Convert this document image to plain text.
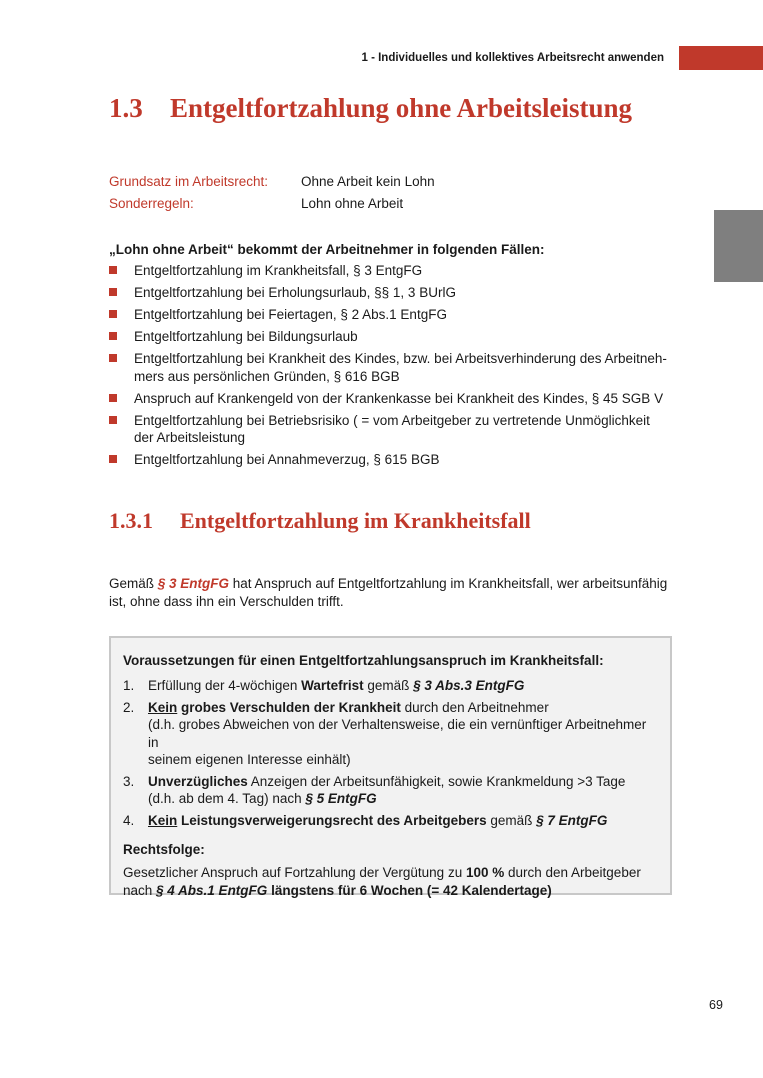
1 - Individuelles und kollektives Arbeitsrecht anwenden
1.3 Entgeltfortzahlung ohne Arbeitsleistung
Grundsatz im Arbeitsrecht:	Ohne Arbeit kein Lohn
Sonderregeln:	Lohn ohne Arbeit
„Lohn ohne Arbeit“ bekommt der Arbeitnehmer in folgenden Fällen:
Entgeltfortzahlung im Krankheitsfall, § 3 EntgFG
Entgeltfortzahlung bei Erholungsurlaub, §§ 1, 3 BUrlG
Entgeltfortzahlung bei Feiertagen, § 2 Abs.1 EntgFG
Entgeltfortzahlung bei Bildungsurlaub
Entgeltfortzahlung bei Krankheit des Kindes, bzw. bei Arbeitsverhinderung des Arbeitneh-
mers aus persönlichen Gründen, § 616 BGB
Anspruch auf Krankengeld von der Krankenkasse bei Krankheit des Kindes, § 45 SGB V
Entgeltfortzahlung bei Betriebsrisiko ( = vom Arbeitgeber zu vertretende Unmöglichkeit
der Arbeitsleistung
Entgeltfortzahlung bei Annahmeverzug, § 615 BGB
1.3.1 Entgeltfortzahlung im Krankheitsfall

Gemäß § 3 EntgFG hat Anspruch auf Entgeltfortzahlung im Krankheitsfall, wer arbeitsunfähig
ist, ohne dass ihn ein Verschulden trifft.

Voraussetzungen für einen Entgeltfortzahlungsanspruch im Krankheitsfall:
1. Erfüllung der 4-wöchigen Wartefrist gemäß § 3 Abs.3 EntgFG
2. Kein grobes Verschulden der Krankheit durch den Arbeitnehmer
(d.h. grobes Abweichen von der Verhaltensweise, die ein vernünftiger Arbeitnehmer in
seinem eigenen Interesse einhält)
3. Unverzügliches Anzeigen der Arbeitsunfähigkeit, sowie Krankmeldung >3 Tage
(d.h. ab dem 4. Tag) nach § 5 EntgFG
4. Kein Leistungsverweigerungsrecht des Arbeitgebers gemäß § 7 EntgFG
Rechtsfolge:
Gesetzlicher Anspruch auf Fortzahlung der Vergütung zu 100 % durch den Arbeitgeber
nach § 4 Abs.1 EntgFG längstens für 6 Wochen (= 42 Kalendertage)
69
